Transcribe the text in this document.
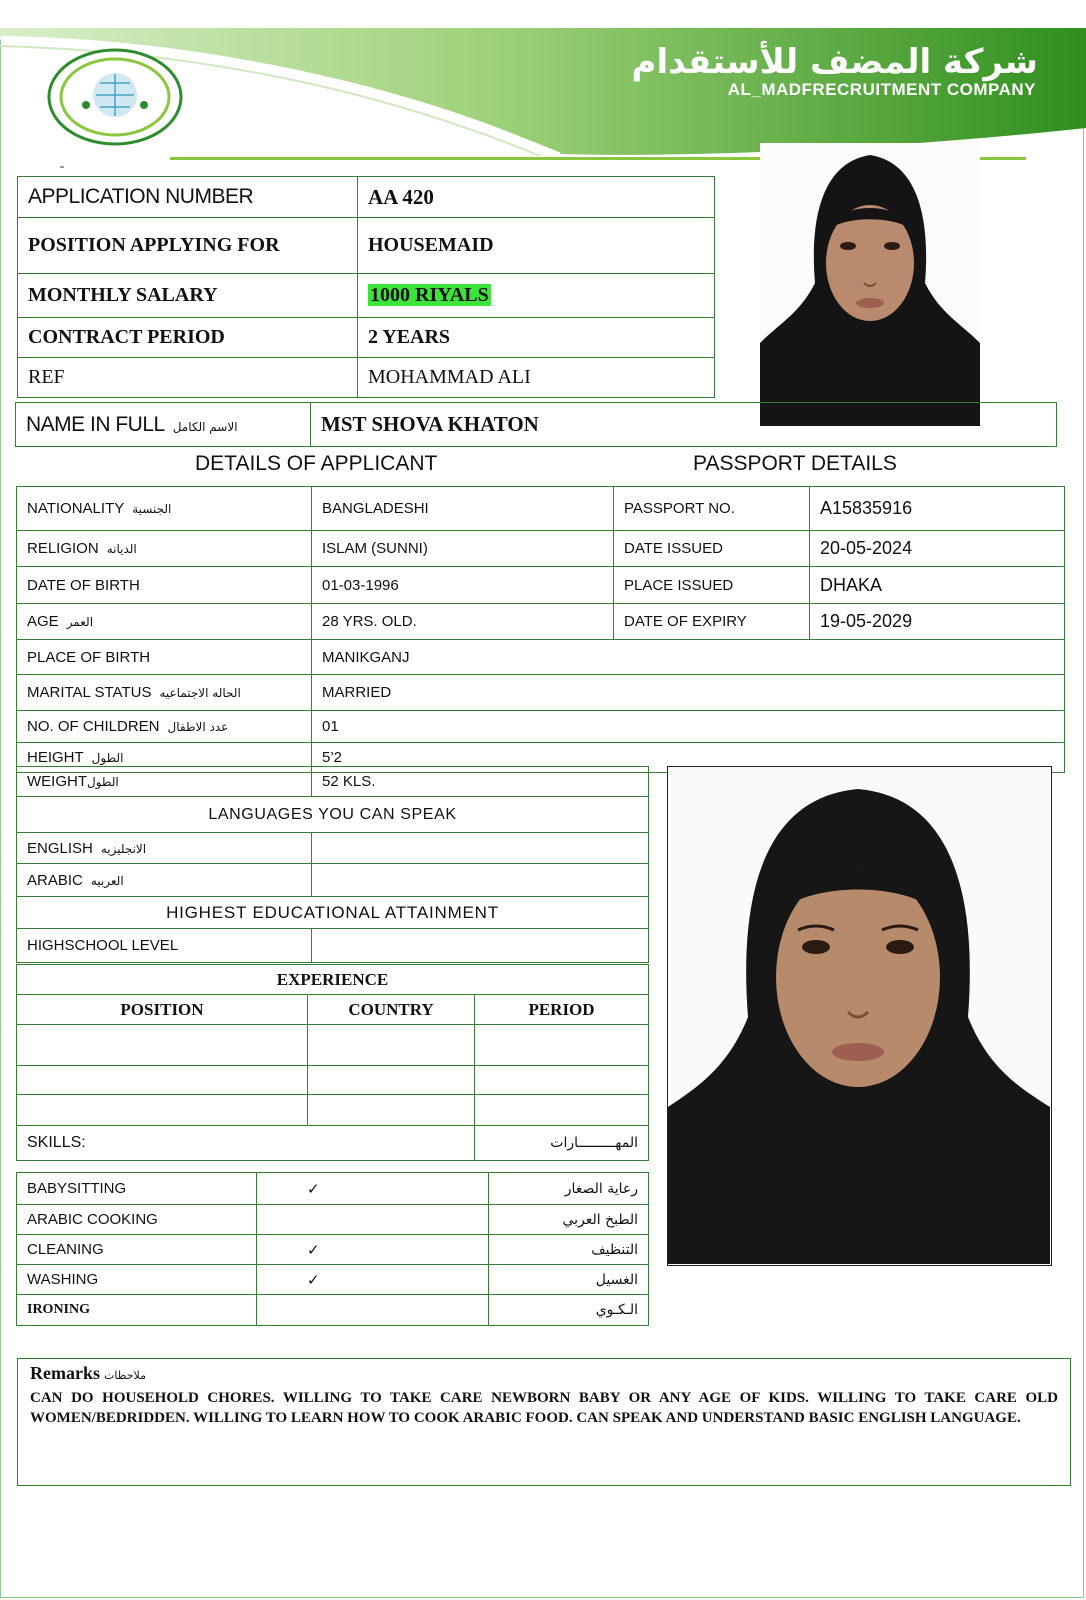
شركة المضف للأستقدام
AL_MADFRECRUITMENT COMPANY
APPLICATION NUMBER	AA 420
POSITION APPLYING FOR	HOUSEMAID
MONTHLY SALARY	1000 RIYALS
CONTRACT PERIOD	2 YEARS
REF	MOHAMMAD ALI
NAME IN FULL الاسم الكامل	MST SHOVA KHATON
DETAILS OF APPLICANT	PASSPORT DETAILS
NATIONALITY الجنسية	BANGLADESHI	PASSPORT NO.	A15835916
RELIGION الديانه	ISLAM (SUNNI)	DATE ISSUED	20-05-2024
DATE OF BIRTH	01-03-1996	PLACE ISSUED	DHAKA
AGE العمر	28 YRS. OLD.	DATE OF EXPIRY	19-05-2029
PLACE OF BIRTH	MANIKGANJ
MARITAL STATUS الحاله الاجتماعيه	MARRIED
NO. OF CHILDREN عدد الاطفال	01
HEIGHT الطول	5’2
WEIGHTالطول	52 KLS.
LANGUAGES YOU CAN SPEAK	
ENGLISH الانجليزيه	
ARABIC العربيه	
HIGHEST EDUCATIONAL ATTAINMENT	
HIGHSCHOOL LEVEL	
EXPERIENCE		
POSITION	COUNTRY	PERIOD

SKILLS:		المهـــــــــارات
BABYSITTING	✓	رعاية الصغار
ARABIC COOKING		الطبخ العربي
CLEANING	✓	التنظيف
WASHING	✓	الغسيل
IRONING		الـكـوي
Remarks ملاحظات
CAN DO HOUSEHOLD CHORES. WILLING TO TAKE CARE NEWBORN BABY OR ANY AGE OF KIDS. WILLING TO TAKE CARE OLD WOMEN/BEDRIDDEN. WILLING TO LEARN HOW TO COOK ARABIC FOOD. CAN SPEAK AND UNDERSTAND BASIC ENGLISH LANGUAGE.
